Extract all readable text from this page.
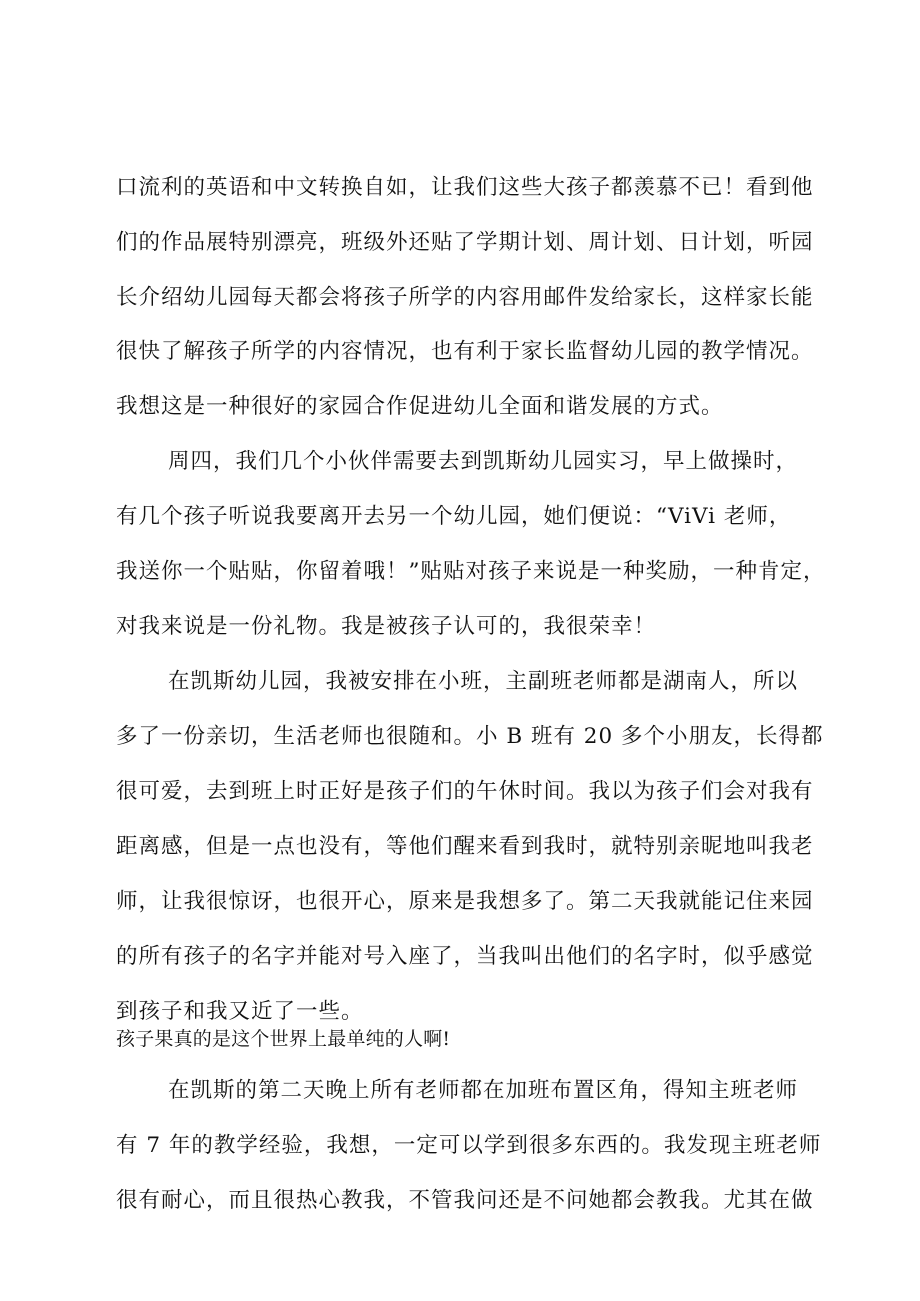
口流利的英语和中文转换自如，让我们这些大孩子都羡慕不已！看到他
们的作品展特别漂亮，班级外还贴了学期计划、周计划、日计划，听园
长介绍幼儿园每天都会将孩子所学的内容用邮件发给家长，这样家长能
很快了解孩子所学的内容情况，也有利于家长监督幼儿园的教学情况。
我想这是一种很好的家园合作促进幼儿全面和谐发展的方式。
周四，我们几个小伙伴需要去到凯斯幼儿园实习，早上做操时，
有几个孩子听说我要离开去另一个幼儿园，她们便说：“ViVi 老师，
我送你一个贴贴，你留着哦！”贴贴对孩子来说是一种奖励，一种肯定，
对我来说是一份礼物。我是被孩子认可的，我很荣幸！
在凯斯幼儿园，我被安排在小班，主副班老师都是湖南人，所以
多了一份亲切，生活老师也很随和。小 B 班有 20 多个小朋友，长得都
很可爱，去到班上时正好是孩子们的午休时间。我以为孩子们会对我有
距离感，但是一点也没有，等他们醒来看到我时，就特别亲昵地叫我老
师，让我很惊讶，也很开心，原来是我想多了。第二天我就能记住来园
的所有孩子的名字并能对号入座了，当我叫出他们的名字时，似乎感觉
到孩子和我又近了一些。
孩子果真的是这个世界上最单纯的人啊!
在凯斯的第二天晚上所有老师都在加班布置区角，得知主班老师
有 7 年的教学经验，我想，一定可以学到很多东西的。我发现主班老师
很有耐心，而且很热心教我，不管我问还是不问她都会教我。尤其在做
